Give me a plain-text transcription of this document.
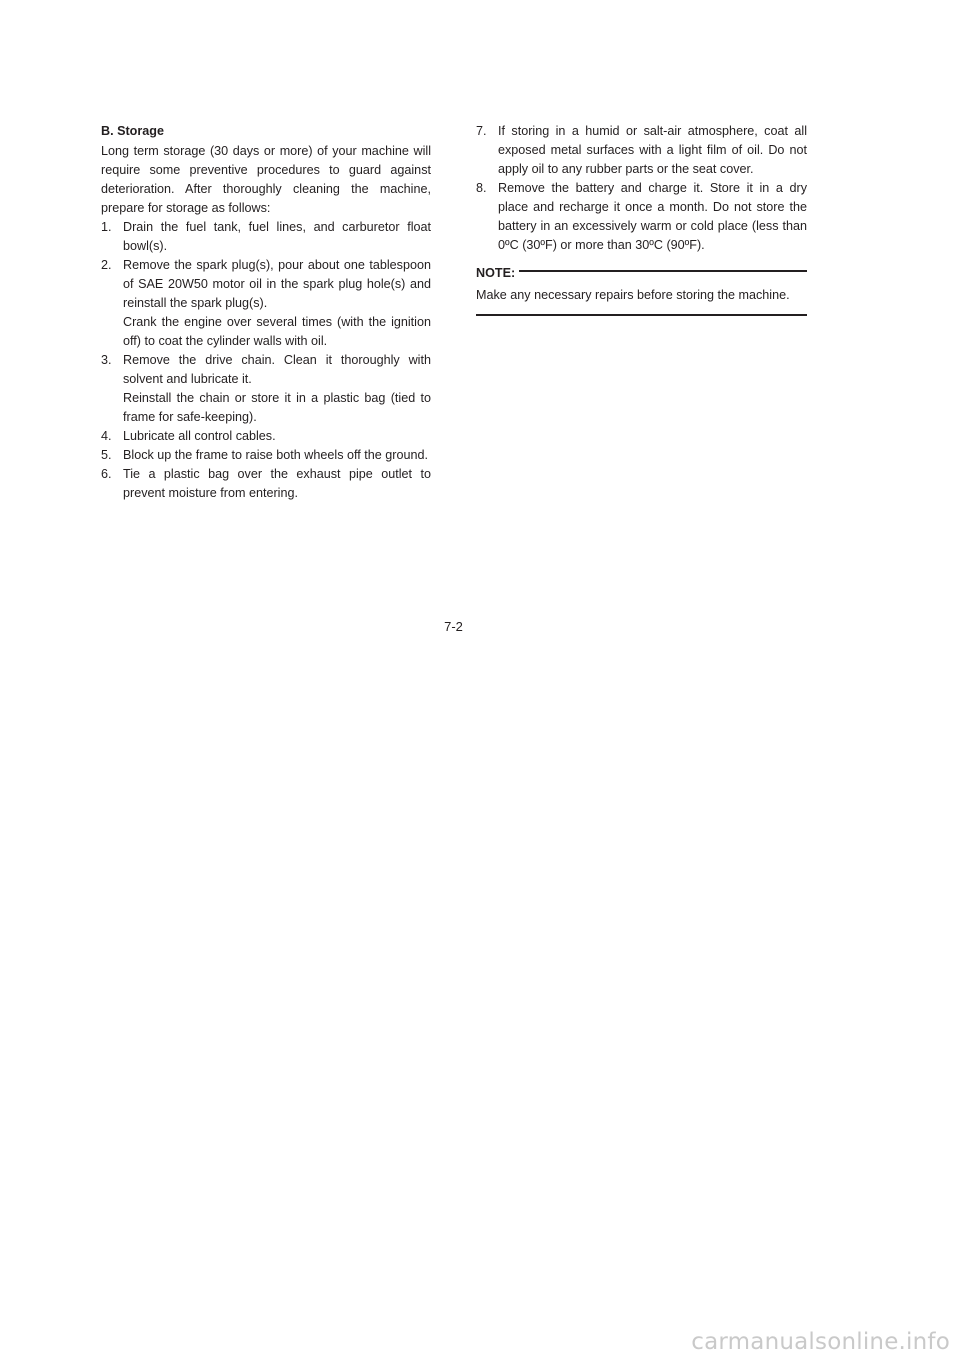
B. Storage

Long term storage (30 days or more) of your machine will require some preventive procedures to guard against deterioration. After thoroughly cleaning the machine, prepare for storage as follows:

1. Drain the fuel tank, fuel lines, and carburetor float bowl(s).

2. Remove the spark plug(s), pour about one tablespoon of SAE 20W50 motor oil in the spark plug hole(s) and reinstall the spark plug(s).

Crank the engine over several times (with the ignition off) to coat the cylinder walls with oil.

3. Remove the drive chain. Clean it thoroughly with solvent and lubricate it.

Reinstall the chain or store it in a plastic bag (tied to frame for safe-keeping).

4. Lubricate all control cables.

5. Block up the frame to raise both wheels off the ground.

6. Tie a plastic bag over the exhaust pipe outlet to prevent moisture from entering.

7. If storing in a humid or salt-air atmosphere, coat all exposed metal surfaces with a light film of oil. Do not apply oil to any rubber parts or the seat cover.

8. Remove the battery and charge it. Store it in a dry place and recharge it once a month. Do not store the battery in an excessively warm or cold place (less than 0ºC (30ºF) or more than 30ºC (90ºF).

NOTE:

Make any necessary repairs before storing the machine.

7-2
carmanualsonline.info
